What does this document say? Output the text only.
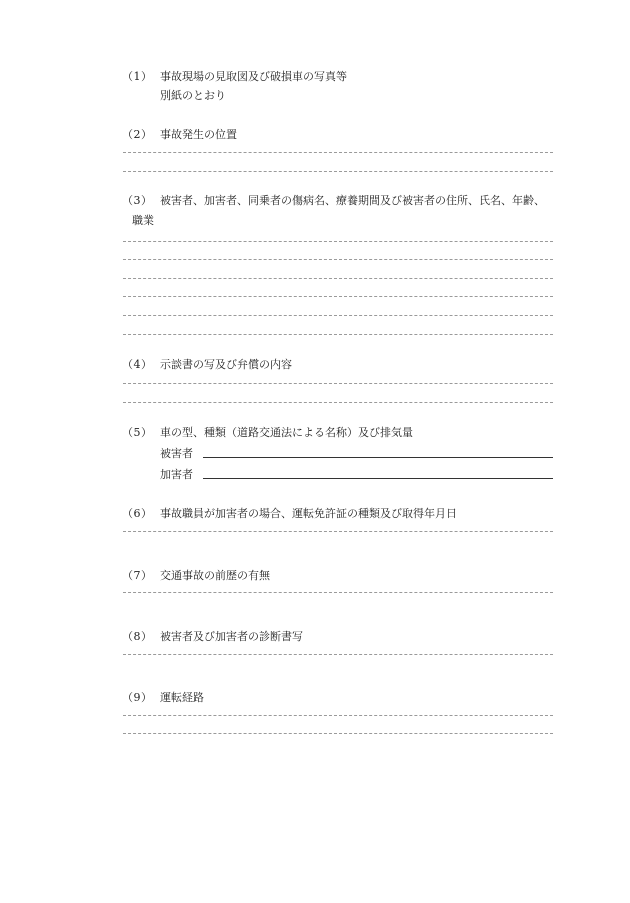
（1） 事故現場の見取図及び破損車の写真等
別紙のとおり
（2） 事故発生の位置
（3） 被害者、加害者、同乗者の傷病名、療養期間及び被害者の住所、氏名、年齢、
職業
（4） 示談書の写及び弁償の内容
（5） 車の型、種類（道路交通法による名称）及び排気量
被害者
加害者
（6） 事故職員が加害者の場合、運転免許証の種類及び取得年月日
（7） 交通事故の前歴の有無
（8） 被害者及び加害者の診断書写
（9） 運転経路
